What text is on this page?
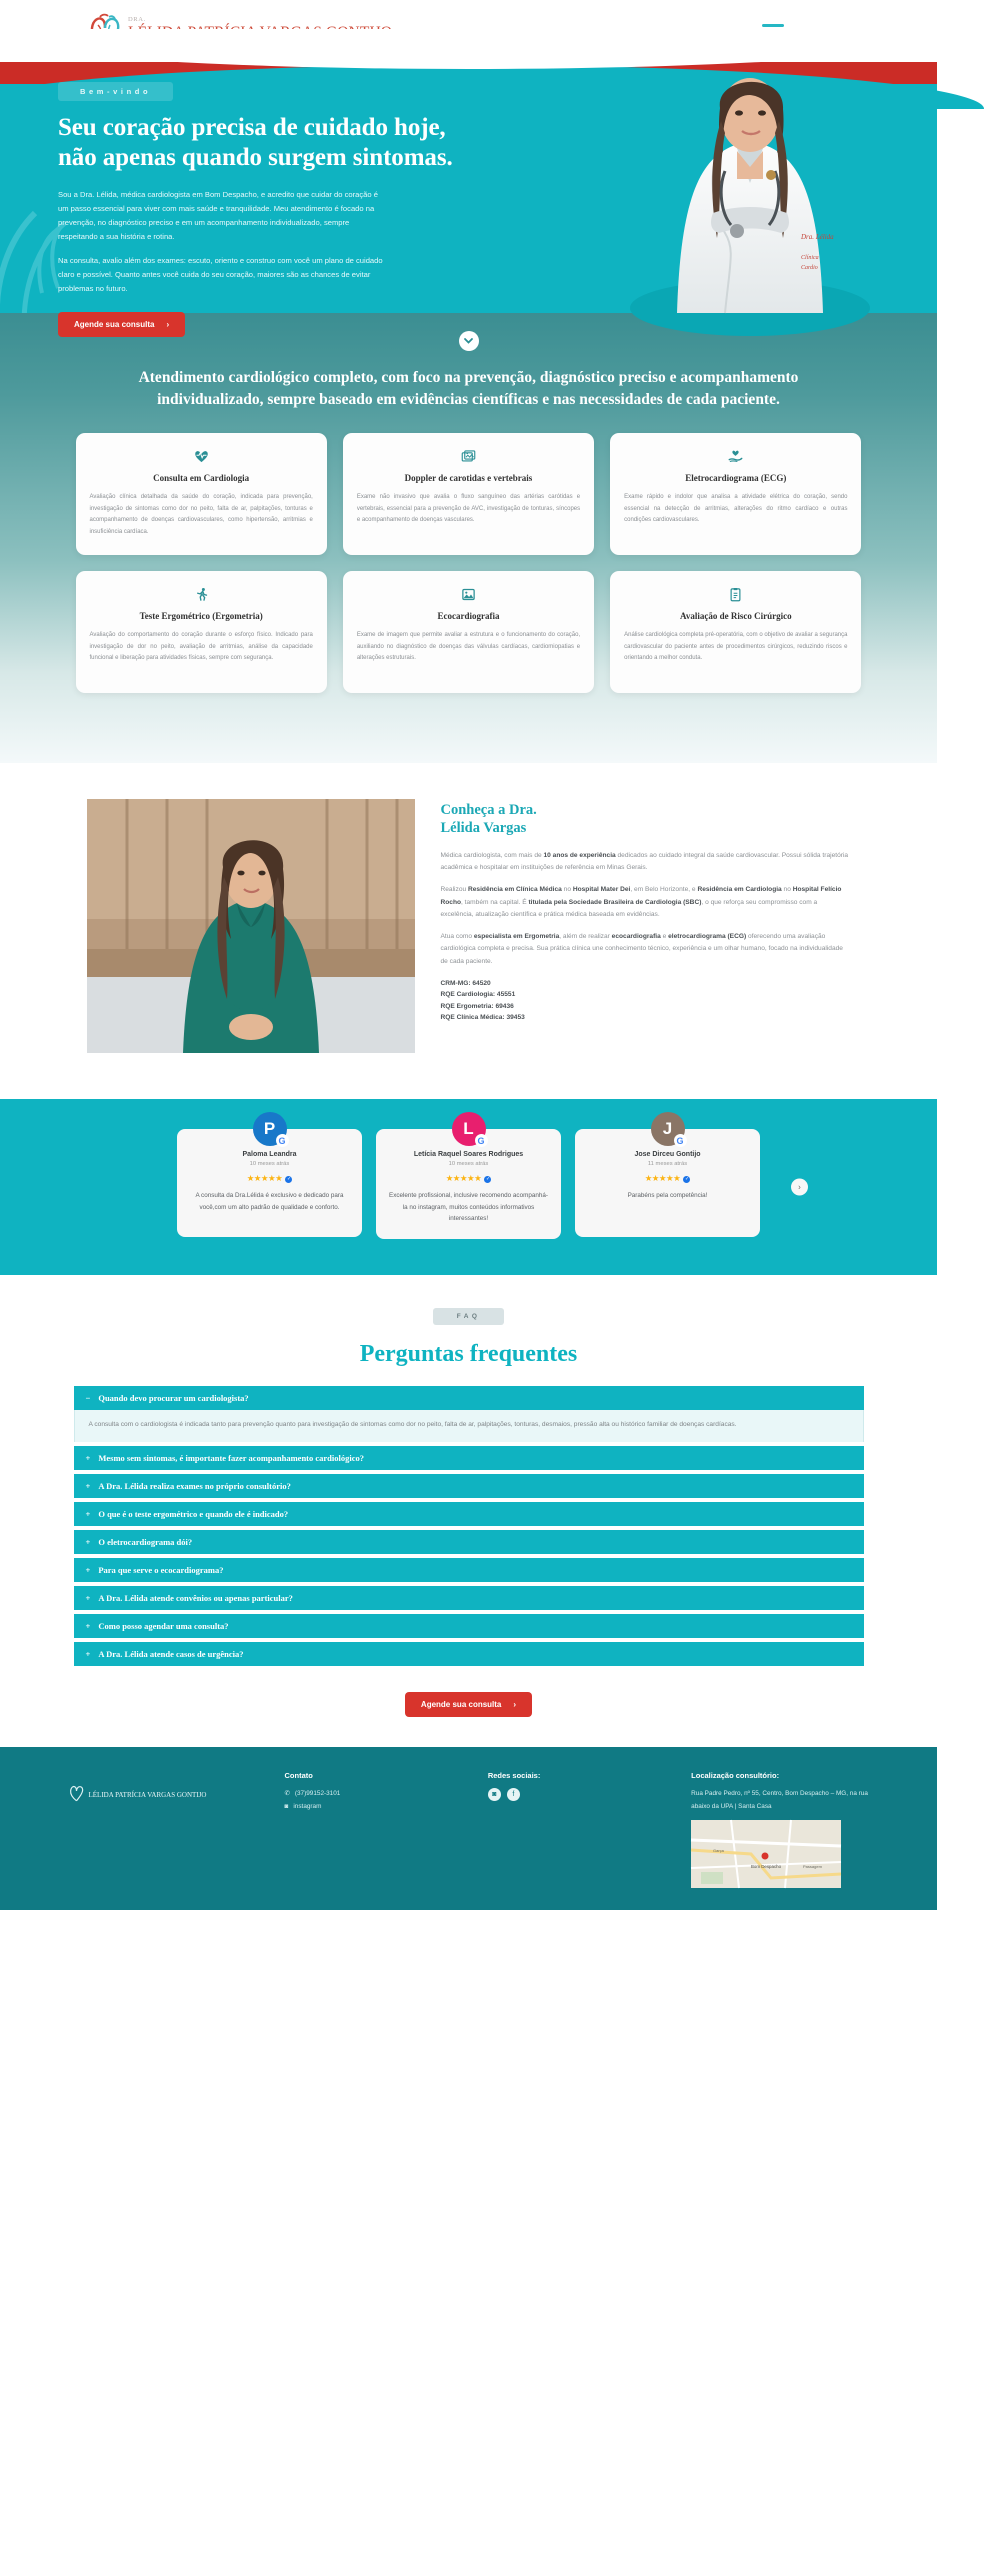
DRA.
Bem-vindo
Seu coração precisa de cuidado hoje, não apenas quando surgem sintomas.

Sou a Dra. Lélida, médica cardiologista em Bom Despacho, e acredito que cuidar do coração é um passo essencial para viver com mais saúde e tranquilidade. Meu atendimento é focado na prevenção, no diagnóstico preciso e em um acompanhamento individualizado, sempre respeitando a sua história e rotina.

Na consulta, avalio além dos exames: escuto, oriento e construo com você um plano de cuidado claro e possível. Quanto antes você cuida do seu coração, maiores são as chances de evitar problemas no futuro.

Agende sua consulta ›
Dra. Lélida
Clínica
Cardio
Atendimento cardiológico completo, com foco na prevenção, diagnóstico preciso e acompanhamento individualizado, sempre baseado em evidências científicas e nas necessidades de cada paciente.
Consulta em Cardiologia
Avaliação clínica detalhada da saúde do coração, indicada para prevenção, investigação de sintomas como dor no peito, falta de ar, palpitações, tonturas e acompanhamento de doenças cardiovasculares, como hipertensão, arritmias e insuficiência cardíaca.
Doppler de carotidas e vertebrais
Exame não invasivo que avalia o fluxo sanguíneo das artérias carótidas e vertebrais, essencial para a prevenção de AVC, investigação de tonturas, síncopes e acompanhamento de doenças vasculares.
Eletrocardiograma (ECG)
Exame rápido e indolor que analisa a atividade elétrica do coração, sendo essencial na detecção de arritmias, alterações do ritmo cardíaco e outras condições cardiovasculares.
Teste Ergométrico (Ergometria)
Avaliação do comportamento do coração durante o esforço físico. Indicado para investigação de dor no peito, avaliação de arritmias, análise da capacidade funcional e liberação para atividades físicas, sempre com segurança.
Ecocardiografia
Exame de imagem que permite avaliar a estrutura e o funcionamento do coração, auxiliando no diagnóstico de doenças das válvulas cardíacas, cardiomiopatias e alterações estruturais.
Avaliação de Risco Cirúrgico
Análise cardiológica completa pré-operatória, com o objetivo de avaliar a segurança cardiovascular do paciente antes de procedimentos cirúrgicos, reduzindo riscos e orientando a melhor conduta.
Conheça a Dra.
Lélida Vargas

Médica cardiologista, com mais de 10 anos de experiência dedicados ao cuidado integral da saúde cardiovascular. Possui sólida trajetória acadêmica e hospitalar em instituições de referência em Minas Gerais.

Realizou Residência em Clínica Médica no Hospital Mater Dei, em Belo Horizonte, e Residência em Cardiologia no Hospital Felício Rocho, também na capital. É titulada pela Sociedade Brasileira de Cardiologia (SBC), o que reforça seu compromisso com a excelência, atualização científica e prática médica baseada em evidências.

Atua como especialista em Ergometria, além de realizar ecocardiografia e eletrocardiograma (ECG) oferecendo uma avaliação cardiológica completa e precisa. Sua prática clínica une conhecimento técnico, experiência e um olhar humano, focado na individualidade de cada paciente.

CRM-MG: 64520
RQE Cardiologia: 45551
RQE Ergometria: 69436
RQE Clínica Médica: 39453
P
G
Paloma Leandra
10 meses atrás
★★★★★ ✓
A consulta da Dra.Lélida é exclusivo e dedicado para você,com um alto padrão de qualidade e conforto.
L
G
Letícia Raquel Soares Rodrigues
10 meses atrás
★★★★★ ✓
Excelente profissional, inclusive recomendo acompanhá-la no instagram, muitos conteúdos informativos interessantes!
J
G
Jose Dirceu Gontijo
11 meses atrás
★★★★★ ✓
Parabéns pela competência!
›
FAQ
Perguntas frequentes
− Quando devo procurar um cardiologista?
A consulta com o cardiologista é indicada tanto para prevenção quanto para investigação de sintomas como dor no peito, falta de ar, palpitações, tonturas, desmaios, pressão alta ou histórico familiar de doenças cardíacas.
+ Mesmo sem sintomas, é importante fazer acompanhamento cardiológico?
+ A Dra. Lélida realiza exames no próprio consultório?
+ O que é o teste ergométrico e quando ele é indicado?
+ O eletrocardiograma dói?
+ Para que serve o ecocardiograma?
+ A Dra. Lélida atende convênios ou apenas particular?
+ Como posso agendar uma consulta?
+ A Dra. Lélida atende casos de urgência?
Agende sua consulta ›
LÉLIDA PATRÍCIA VARGAS GONTIJO
Contato
✆ (37)99152-3101
◙ instagram
Redes sociais:
◙	f
Localização consultório:
Rua Padre Pedro, nº 55, Centro, Bom Despacho – MG, na rua abaixo da UPA | Santa Casa
Garça
Bom Despacho	Passagem
